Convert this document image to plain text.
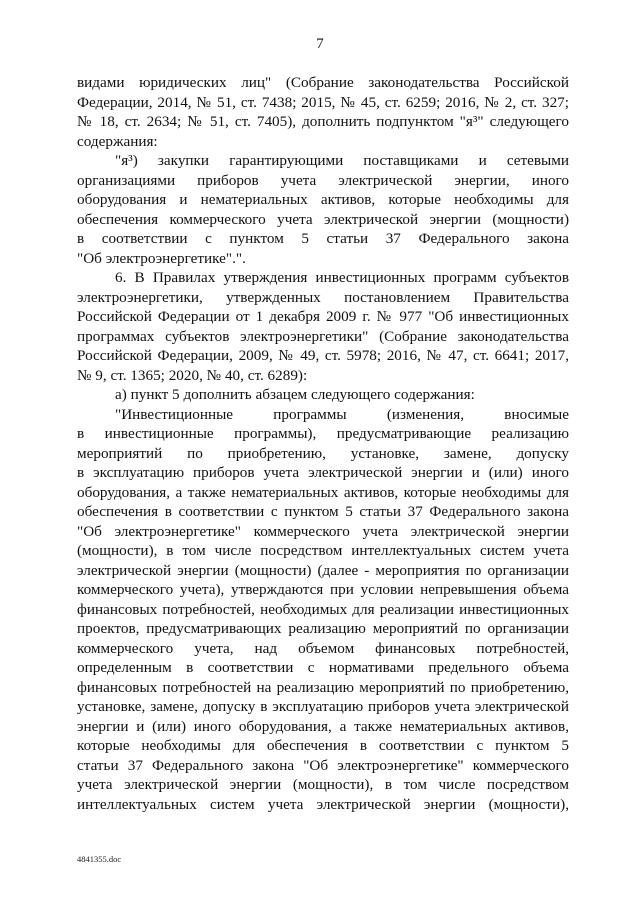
7
видами юридических лиц" (Собрание законодательства Российской
Федерации, 2014, № 51, ст. 7438; 2015, № 45, ст. 6259; 2016, № 2, ст. 327;
№ 18, ст. 2634; № 51, ст. 7405), дополнить подпунктом "я³" следующего
содержания:
"я³) закупки гарантирующими поставщиками и сетевыми
организациями приборов учета электрической энергии, иного
оборудования и нематериальных активов, которые необходимы для
обеспечения коммерческого учета электрической энергии (мощности)
в соответствии с пунктом 5 статьи 37 Федерального закона
"Об электроэнергетике".".
6. В Правилах утверждения инвестиционных программ субъектов
электроэнергетики, утвержденных постановлением Правительства
Российской Федерации от 1 декабря 2009 г. № 977 "Об инвестиционных
программах субъектов электроэнергетики" (Собрание законодательства
Российской Федерации, 2009, № 49, ст. 5978; 2016, № 47, ст. 6641; 2017,
№ 9, ст. 1365; 2020, № 40, ст. 6289):
а) пункт 5 дополнить абзацем следующего содержания:
"Инвестиционные программы (изменения, вносимые
в инвестиционные программы), предусматривающие реализацию
мероприятий по приобретению, установке, замене, допуску
в эксплуатацию приборов учета электрической энергии и (или) иного
оборудования, а также нематериальных активов, которые необходимы для
обеспечения в соответствии с пунктом 5 статьи 37 Федерального закона
"Об электроэнергетике" коммерческого учета электрической энергии
(мощности), в том числе посредством интеллектуальных систем учета
электрической энергии (мощности) (далее - мероприятия по организации
коммерческого учета), утверждаются при условии непревышения объема
финансовых потребностей, необходимых для реализации инвестиционных
проектов, предусматривающих реализацию мероприятий по организации
коммерческого учета, над объемом финансовых потребностей,
определенным в соответствии с нормативами предельного объема
финансовых потребностей на реализацию мероприятий по приобретению,
установке, замене, допуску в эксплуатацию приборов учета электрической
энергии и (или) иного оборудования, а также нематериальных активов,
которые необходимы для обеспечения в соответствии с пунктом 5
статьи 37 Федерального закона "Об электроэнергетике" коммерческого
учета электрической энергии (мощности), в том числе посредством
интеллектуальных систем учета электрической энергии (мощности),
4841355.doc
